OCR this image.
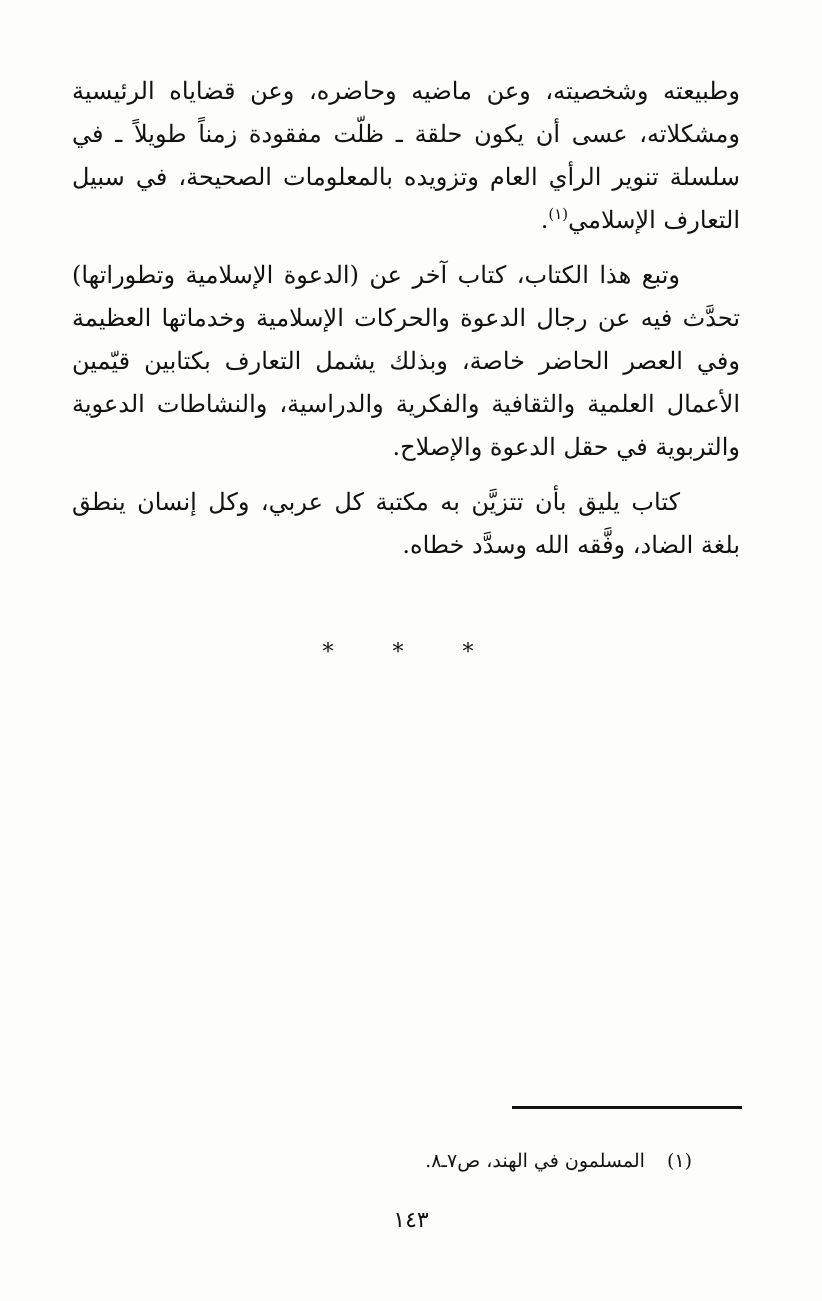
وطبيعته وشخصيته، وعن ماضيه وحاضره، وعن قضاياه الرئيسية ومشكلاته، عسى أن يكون حلقة ـ ظلّت مفقودة زمناً طويلاً ـ في سلسلة تنوير الرأي العام وتزويده بالمعلومات الصحيحة، في سبيل التعارف الإسلامي$^{(١)}$.

وتبع هذا الكتاب، كتاب آخر عن (الدعوة الإسلامية وتطوراتها) تحدَّث فيه عن رجال الدعوة والحركات الإسلامية وخدماتها العظيمة وفي العصر الحاضر خاصة، وبذلك يشمل التعارف بكتابين قيّمين الأعمال العلمية والثقافية والفكرية والدراسية، والنشاطات الدعوية والتربوية في حقل الدعوة والإصلاح.

كتاب يليق بأن تتزيَّن به مكتبة كل عربي، وكل إنسان ينطق بلغة الضاد، وفَّقه الله وسدَّد خطاه.

* * *
(١)المسلمون في الهند، ص٧ـ٨.
١٤٣
